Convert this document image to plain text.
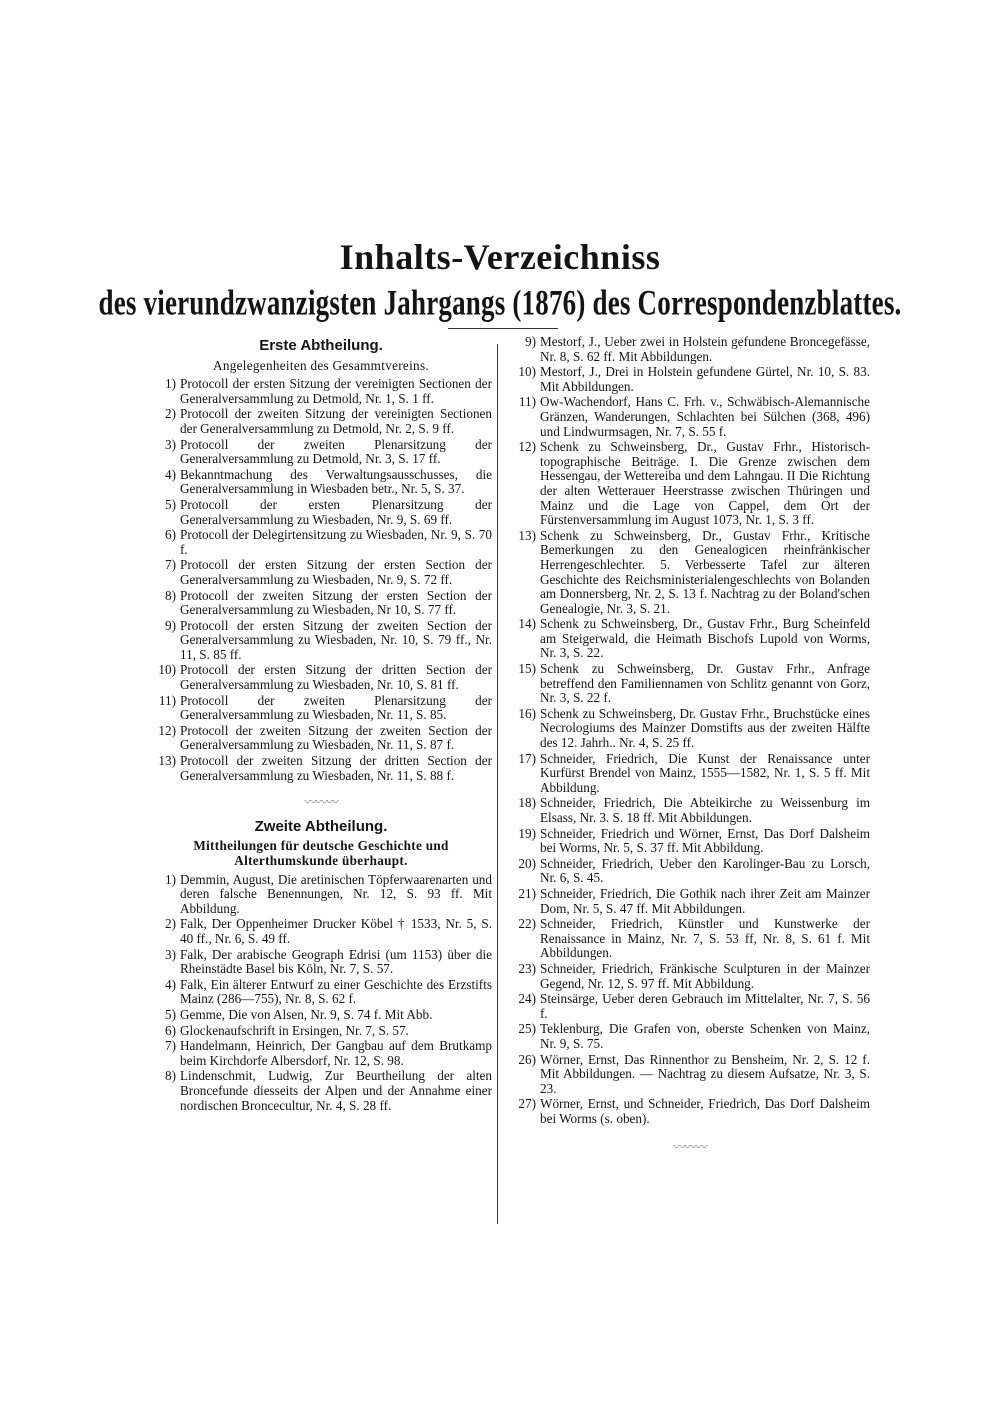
Inhalts-Verzeichniss
des vierundzwanzigsten Jahrgangs (1876) des Correspondenzblattes.
Erste Abtheilung.
Angelegenheiten des Gesammtvereins.
1) Protocoll der ersten Sitzung der vereinigten Sectionen der Generalversammlung zu Detmold, Nr. 1, S. 1 ff.
2) Protocoll der zweiten Sitzung der vereinigten Sectionen der Generalversammlung zu Detmold, Nr. 2, S. 9 ff.
3) Protocoll der zweiten Plenarsitzung der Generalversammlung zu Detmold, Nr. 3, S. 17 ff.
4) Bekanntmachung des Verwaltungsausschusses, die Generalversammlung in Wiesbaden betr., Nr. 5, S. 37.
5) Protocoll der ersten Plenarsitzung der Generalversammlung zu Wiesbaden, Nr. 9, S. 69 ff.
6) Protocoll der Delegirtensitzung zu Wiesbaden, Nr. 9, S. 70 f.
7) Protocoll der ersten Sitzung der ersten Section der Generalversammlung zu Wiesbaden, Nr. 9, S. 72 ff.
8) Protocoll der zweiten Sitzung der ersten Section der Generalversammlung zu Wiesbaden, Nr 10, S. 77 ff.
9) Protocoll der ersten Sitzung der zweiten Section der Generalversammlung zu Wiesbaden, Nr. 10, S. 79 ff., Nr. 11, S. 85 ff.
10) Protocoll der ersten Sitzung der dritten Section der Generalversammlung zu Wiesbaden, Nr. 10, S. 81 ff.
11) Protocoll der zweiten Plenarsitzung der Generalversammlung zu Wiesbaden, Nr. 11, S. 85.
12) Protocoll der zweiten Sitzung der zweiten Section der Generalversammlung zu Wiesbaden, Nr. 11, S. 87 f.
13) Protocoll der zweiten Sitzung der dritten Section der Generalversammlung zu Wiesbaden, Nr. 11, S. 88 f.
〰〰〰
Zweite Abtheilung.
Mittheilungen für deutsche Geschichte und Alterthumskunde überhaupt.
1) Demmin, August, Die aretinischen Töpferwaarenarten und deren falsche Benennungen, Nr. 12, S. 93 ff. Mit Abbildung.
2) Falk, Der Oppenheimer Drucker Köbel † 1533, Nr. 5, S. 40 ff., Nr. 6, S. 49 ff.
3) Falk, Der arabische Geograph Edrisi (um 1153) über die Rheinstädte Basel bis Köln, Nr. 7, S. 57.
4) Falk, Ein älterer Entwurf zu einer Geschichte des Erzstifts Mainz (286—755), Nr. 8, S. 62 f.
5) Gemme, Die von Alsen, Nr. 9, S. 74 f. Mit Abb.
6) Glockenaufschrift in Ersingen, Nr. 7, S. 57.
7) Handelmann, Heinrich, Der Gangbau auf dem Brutkamp beim Kirchdorfe Albersdorf, Nr. 12, S. 98.
8) Lindenschmit, Ludwig, Zur Beurtheilung der alten Broncefunde diesseits der Alpen und der Annahme einer nordischen Broncecultur, Nr. 4, S. 28 ff.
9) Mestorf, J., Ueber zwei in Holstein gefundene Broncegefässe, Nr. 8, S. 62 ff. Mit Abbildungen.
10) Mestorf, J., Drei in Holstein gefundene Gürtel, Nr. 10, S. 83. Mit Abbildungen.
11) Ow-Wachendorf, Hans C. Frh. v., Schwäbisch-Alemannische Gränzen, Wanderungen, Schlachten bei Sülchen (368, 496) und Lindwurmsagen, Nr. 7, S. 55 f.
12) Schenk zu Schweinsberg, Dr., Gustav Frhr., Historisch-topographische Beiträge. I. Die Grenze zwischen dem Hessengau, der Wettereiba und dem Lahngau. II Die Richtung der alten Wetterauer Heerstrasse zwischen Thüringen und Mainz und die Lage von Cappel, dem Ort der Fürstenversammlung im August 1073, Nr. 1, S. 3 ff.
13) Schenk zu Schweinsberg, Dr., Gustav Frhr., Kritische Bemerkungen zu den Genealogicen rheinfränkischer Herrengeschlechter. 5. Verbesserte Tafel zur älteren Geschichte des Reichsministerialengeschlechts von Bolanden am Donnersberg, Nr. 2, S. 13 f. Nachtrag zu der Boland'schen Genealogie, Nr. 3, S. 21.
14) Schenk zu Schweinsberg, Dr., Gustav Frhr., Burg Scheinfeld am Steigerwald, die Heimath Bischofs Lupold von Worms, Nr. 3, S. 22.
15) Schenk zu Schweinsberg, Dr. Gustav Frhr., Anfrage betreffend den Familiennamen von Schlitz genannt von Gorz, Nr. 3, S. 22 f.
16) Schenk zu Schweinsberg, Dr. Gustav Frhr., Bruchstücke eines Necrologiums des Mainzer Domstifts aus der zweiten Hälfte des 12. Jahrh.. Nr. 4, S. 25 ff.
17) Schneider, Friedrich, Die Kunst der Renaissance unter Kurfürst Brendel von Mainz, 1555—1582, Nr. 1, S. 5 ff. Mit Abbildung.
18) Schneider, Friedrich, Die Abteikirche zu Weissenburg im Elsass, Nr. 3. S. 18 ff. Mit Abbildungen.
19) Schneider, Friedrich und Wörner, Ernst, Das Dorf Dalsheim bei Worms, Nr. 5, S. 37 ff. Mit Abbildung.
20) Schneider, Friedrich, Ueber den Karolinger-Bau zu Lorsch, Nr. 6, S. 45.
21) Schneider, Friedrich, Die Gothik nach ihrer Zeit am Mainzer Dom, Nr. 5, S. 47 ff. Mit Abbildungen.
22) Schneider, Friedrich, Künstler und Kunstwerke der Renaissance in Mainz, Nr. 7, S. 53 ff, Nr. 8, S. 61 f. Mit Abbildungen.
23) Schneider, Friedrich, Fränkische Sculpturen in der Mainzer Gegend, Nr. 12, S. 97 ff. Mit Abbildung.
24) Steinsärge, Ueber deren Gebrauch im Mittelalter, Nr. 7, S. 56 f.
25) Teklenburg, Die Grafen von, oberste Schenken von Mainz, Nr. 9, S. 75.
26) Wörner, Ernst, Das Rinnenthor zu Bensheim, Nr. 2, S. 12 f. Mit Abbildungen. — Nachtrag zu diesem Aufsatze, Nr. 3, S. 23.
27) Wörner, Ernst, und Schneider, Friedrich, Das Dorf Dalsheim bei Worms (s. oben).
〰〰〰
